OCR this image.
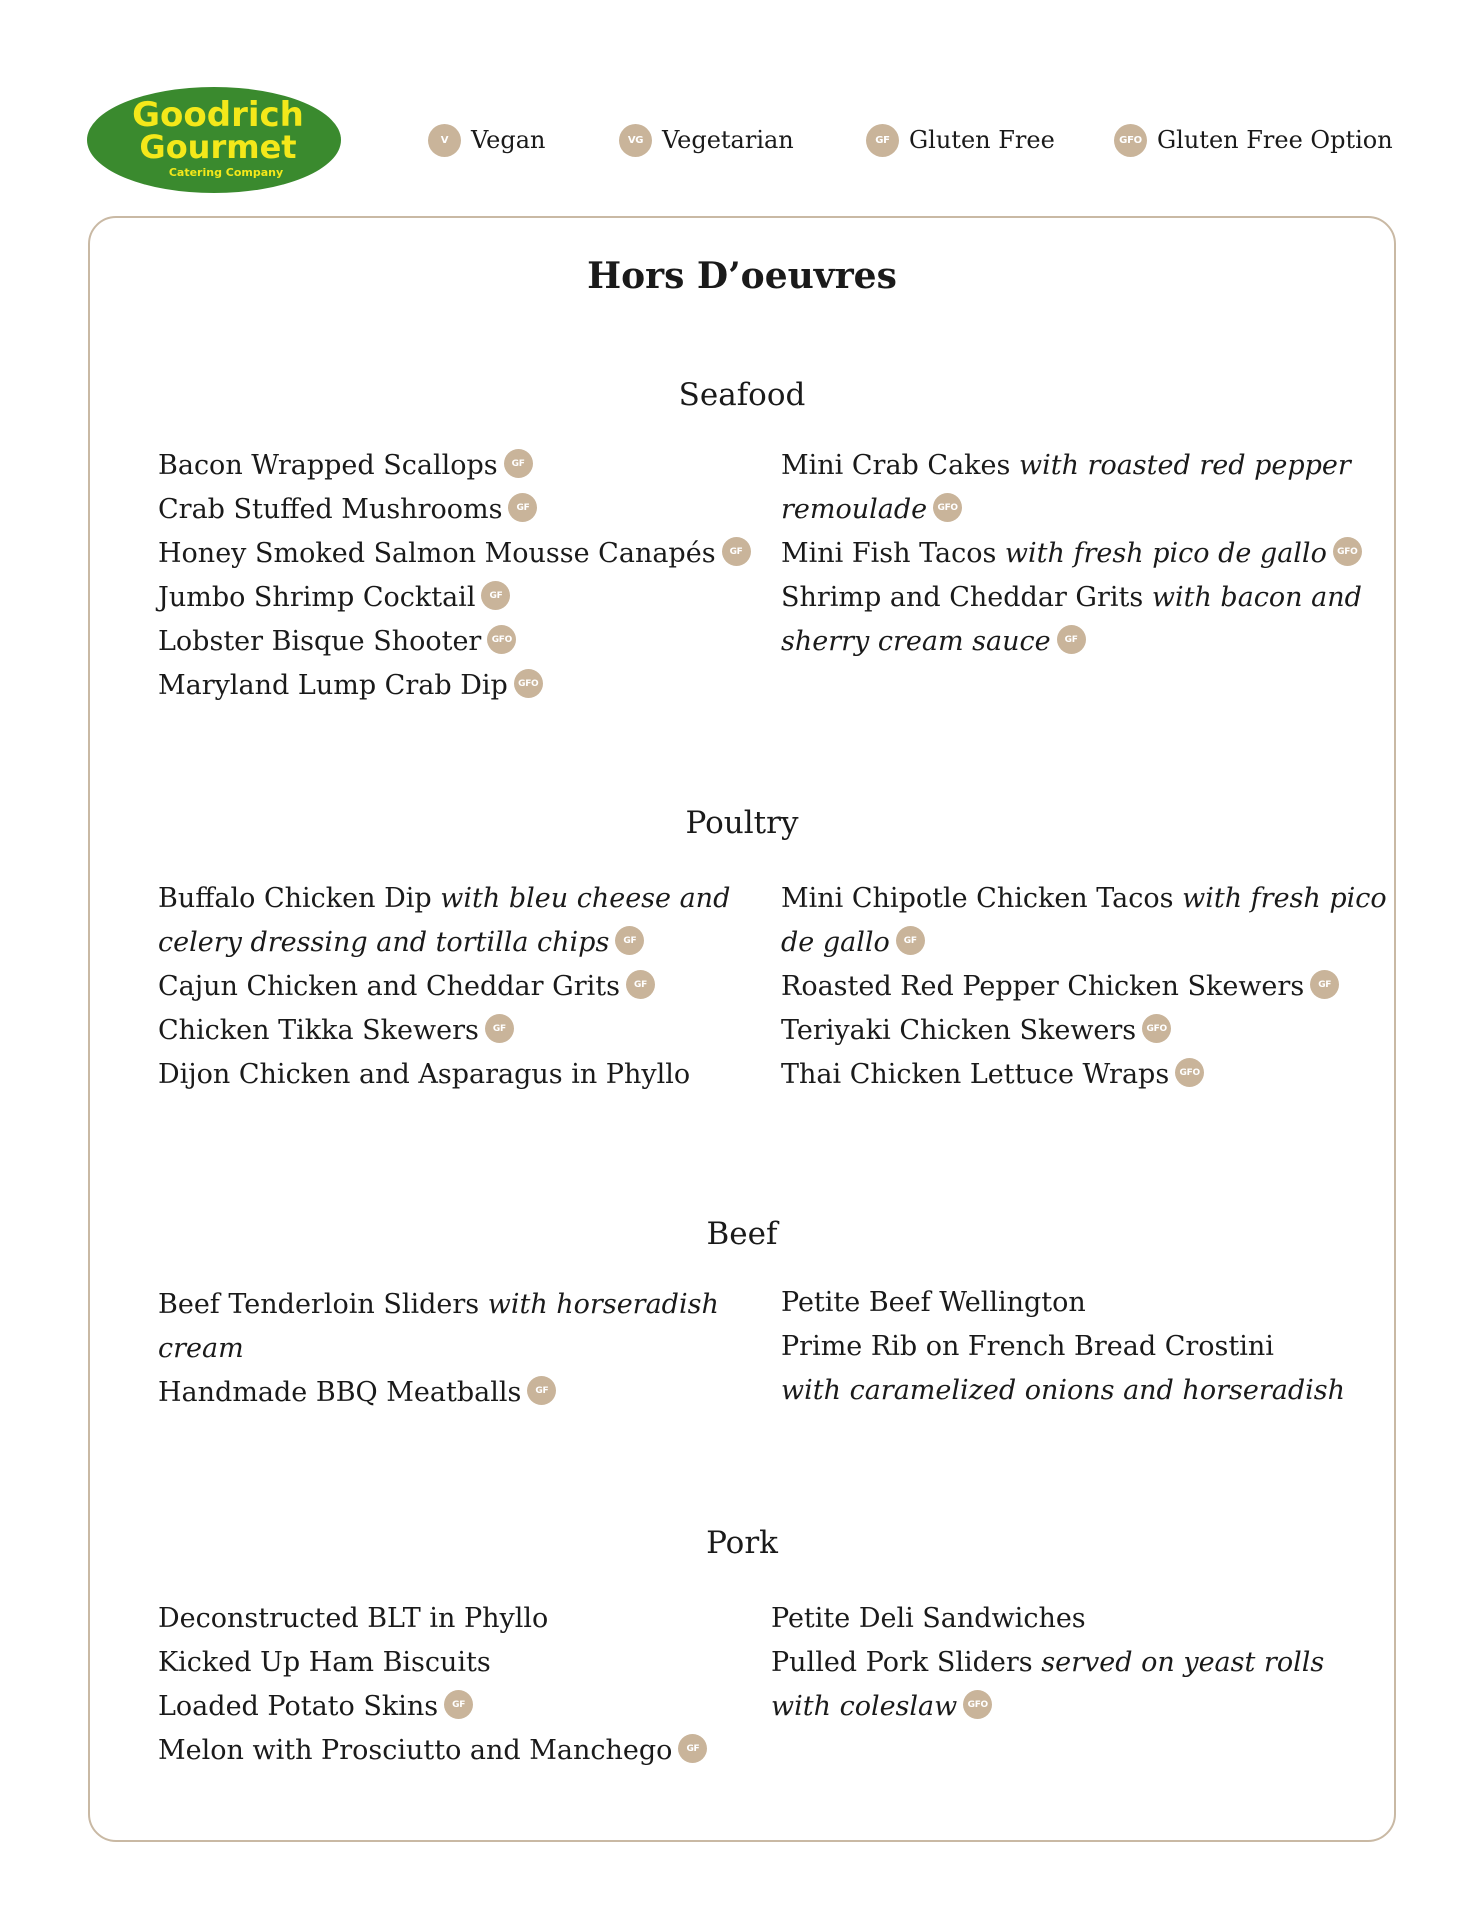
Goodrich
Gourmet
Catering Company
V Vegan	VG Vegetarian	GF Gluten Free	GFO Gluten Free Option
Hors D’oeuvres
Seafood
Poultry
Beef
Pork
Bacon Wrapped Scallops GF
Crab Stuffed Mushrooms GF
Honey Smoked Salmon Mousse Canapés GF
Jumbo Shrimp Cocktail GF
Lobster Bisque Shooter GFO
Maryland Lump Crab Dip GFO
Mini Crab Cakes with roasted red pepper
remoulade GFO
Mini Fish Tacos with fresh pico de gallo GFO
Shrimp and Cheddar Grits with bacon and
sherry cream sauce GF
Buffalo Chicken Dip with bleu cheese and
celery dressing and tortilla chips GF
Cajun Chicken and Cheddar Grits GF
Chicken Tikka Skewers GF
Dijon Chicken and Asparagus in Phyllo
Mini Chipotle Chicken Tacos with fresh pico
de gallo GF
Roasted Red Pepper Chicken Skewers GF
Teriyaki Chicken Skewers GFO
Thai Chicken Lettuce Wraps GFO
Beef Tenderloin Sliders with horseradish
cream
Handmade BBQ Meatballs GF
Petite Beef Wellington
Prime Rib on French Bread Crostini
with caramelized onions and horseradish
Deconstructed BLT in Phyllo
Kicked Up Ham Biscuits
Loaded Potato Skins GF
Melon with Prosciutto and Manchego GF
Petite Deli Sandwiches
Pulled Pork Sliders served on yeast rolls
with coleslaw GFO
